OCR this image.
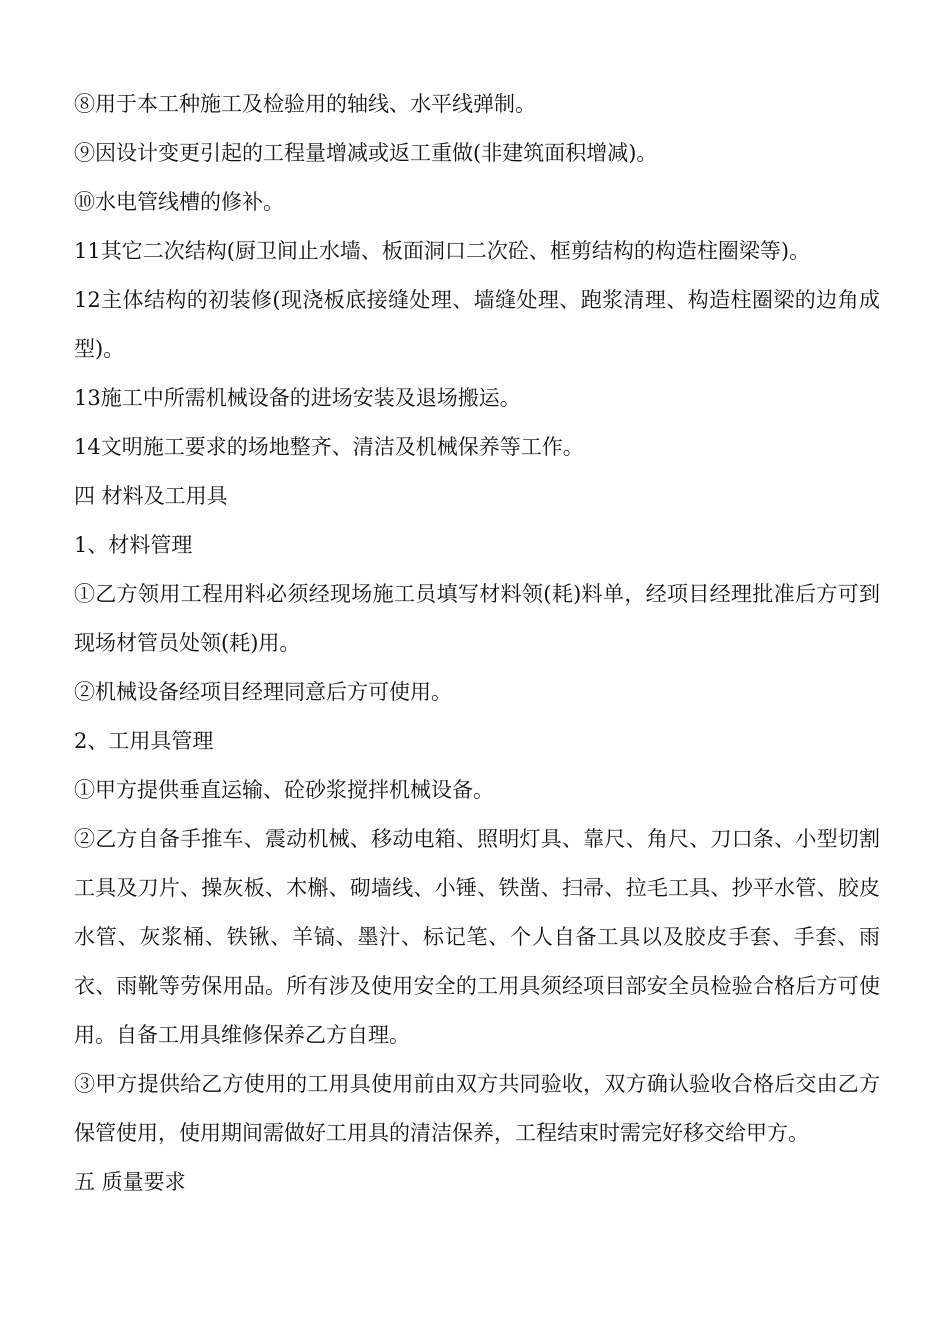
⑧用于本工种施工及检验用的轴线、水平线弹制。

⑨因设计变更引起的工程量增减或返工重做(非建筑面积增减)。

⑩水电管线槽的修补。

11其它二次结构(厨卫间止水墙、板面洞口二次砼、框剪结构的构造柱圈梁等)。

12主体结构的初装修(现浇板底接缝处理、墙缝处理、跑浆清理、构造柱圈梁的边角成型)。

13施工中所需机械设备的进场安装及退场搬运。

14文明施工要求的场地整齐、清洁及机械保养等工作。

四 材料及工用具

1、材料管理

①乙方领用工程用料必须经现场施工员填写材料领(耗)料单，经项目经理批准后方可到现场材管员处领(耗)用。

②机械设备经项目经理同意后方可使用。

2、工用具管理

①甲方提供垂直运输、砼砂浆搅拌机械设备。

②乙方自备手推车、震动机械、移动电箱、照明灯具、靠尺、角尺、刀口条、小型切割工具及刀片、操灰板、木槲、砌墙线、小锤、铁凿、扫帚、拉毛工具、抄平水管、胶皮水管、灰浆桶、铁锹、羊镐、墨汁、标记笔、个人自备工具以及胶皮手套、手套、雨衣、雨靴等劳保用品。所有涉及使用安全的工用具须经项目部安全员检验合格后方可使用。自备工用具维修保养乙方自理。

③甲方提供给乙方使用的工用具使用前由双方共同验收，双方确认验收合格后交由乙方保管使用，使用期间需做好工用具的清洁保养，工程结束时需完好移交给甲方。

五 质量要求
